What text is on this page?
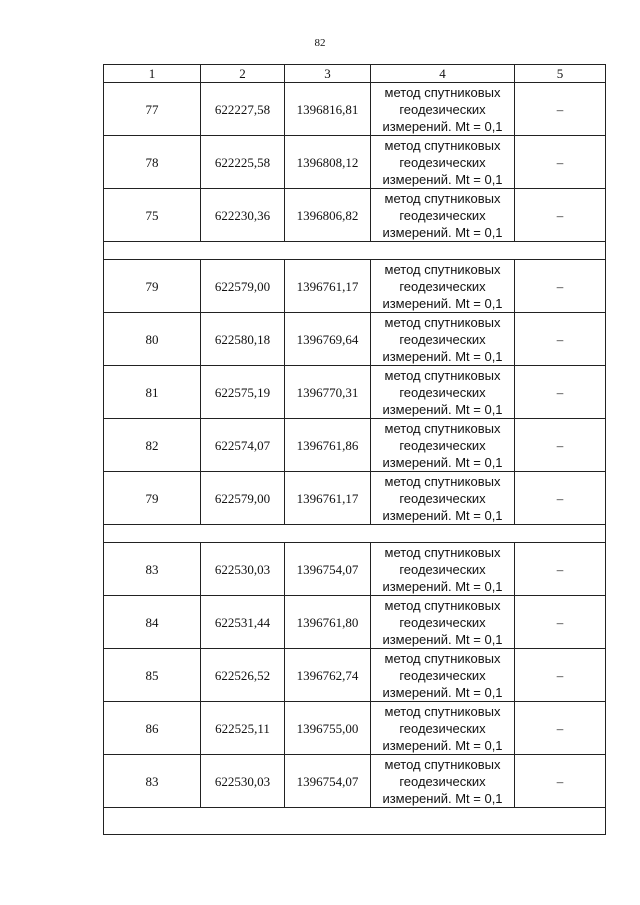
82
1	2	3	4	5
77	622227,58	1396816,81	метод спутниковых
геодезических
измерений. Mt = 0,1	–
78	622225,58	1396808,12	метод спутниковых
геодезических
измерений. Mt = 0,1	–
75	622230,36	1396806,82	метод спутниковых
геодезических
измерений. Mt = 0,1	–

79	622579,00	1396761,17	метод спутниковых
геодезических
измерений. Mt = 0,1	–
80	622580,18	1396769,64	метод спутниковых
геодезических
измерений. Mt = 0,1	–
81	622575,19	1396770,31	метод спутниковых
геодезических
измерений. Mt = 0,1	–
82	622574,07	1396761,86	метод спутниковых
геодезических
измерений. Mt = 0,1	–
79	622579,00	1396761,17	метод спутниковых
геодезических
измерений. Mt = 0,1	–

83	622530,03	1396754,07	метод спутниковых
геодезических
измерений. Mt = 0,1	–
84	622531,44	1396761,80	метод спутниковых
геодезических
измерений. Mt = 0,1	–
85	622526,52	1396762,74	метод спутниковых
геодезических
измерений. Mt = 0,1	–
86	622525,11	1396755,00	метод спутниковых
геодезических
измерений. Mt = 0,1	–
83	622530,03	1396754,07	метод спутниковых
геодезических
измерений. Mt = 0,1	–
